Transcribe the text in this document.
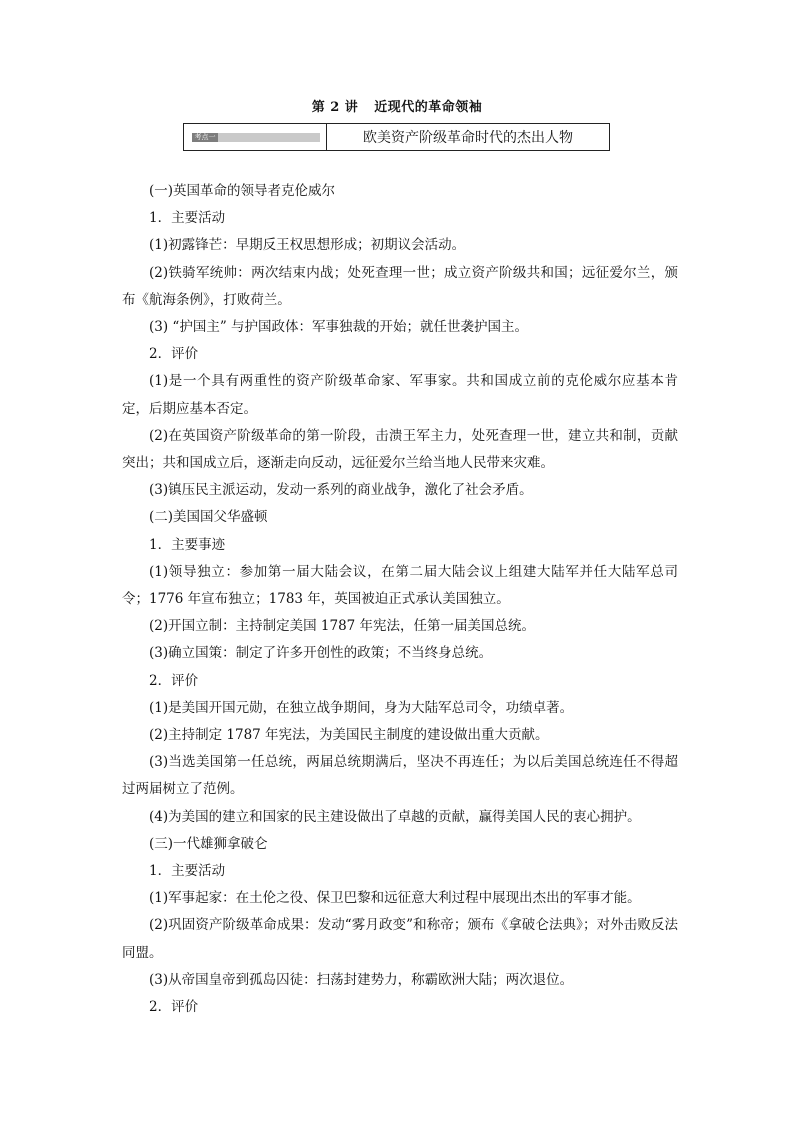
第 2 讲 近现代的革命领袖
考点一	欧美资产阶级革命时代的杰出人物

(一)英国革命的领导者克伦威尔

1．主要活动

(1)初露锋芒：早期反王权思想形成；初期议会活动。

(2)铁骑军统帅：两次结束内战；处死查理一世；成立资产阶级共和国；远征爱尔兰，颁布《航海条例》，打败荷兰。

(3) “护国主” 与护国政体：军事独裁的开始；就任世袭护国主。

2．评价

(1)是一个具有两重性的资产阶级革命家、军事家。共和国成立前的克伦威尔应基本肯定，后期应基本否定。

(2)在英国资产阶级革命的第一阶段，击溃王军主力，处死查理一世，建立共和制，贡献突出；共和国成立后，逐渐走向反动，远征爱尔兰给当地人民带来灾难。

(3)镇压民主派运动，发动一系列的商业战争，激化了社会矛盾。

(二)美国国父华盛顿

1．主要事迹

(1)领导独立：参加第一届大陆会议，在第二届大陆会议上组建大陆军并任大陆军总司令；1776 年宣布独立；1783 年，英国被迫正式承认美国独立。

(2)开国立制：主持制定美国 1787 年宪法，任第一届美国总统。

(3)确立国策：制定了许多开创性的政策；不当终身总统。

2．评价

(1)是美国开国元勋，在独立战争期间，身为大陆军总司令，功绩卓著。

(2)主持制定 1787 年宪法，为美国民主制度的建设做出重大贡献。

(3)当选美国第一任总统，两届总统期满后，坚决不再连任；为以后美国总统连任不得超过两届树立了范例。

(4)为美国的建立和国家的民主建设做出了卓越的贡献，赢得美国人民的衷心拥护。

(三)一代雄狮拿破仑

1．主要活动

(1)军事起家：在土伦之役、保卫巴黎和远征意大利过程中展现出杰出的军事才能。

(2)巩固资产阶级革命成果：发动“雾月政变”和称帝；颁布《拿破仑法典》；对外击败反法同盟。

(3)从帝国皇帝到孤岛囚徒：扫荡封建势力，称霸欧洲大陆；两次退位。

2．评价
